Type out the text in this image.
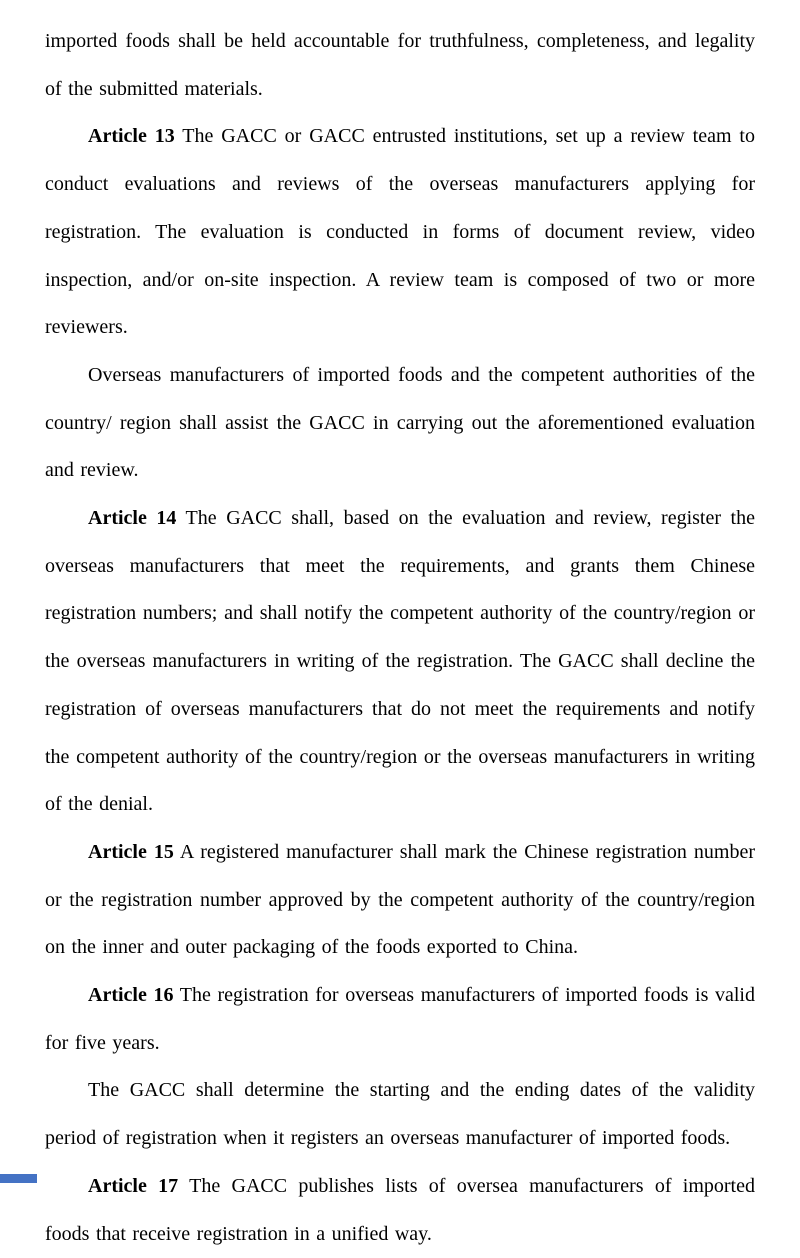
imported foods shall be held accountable for truthfulness, completeness, and legality of the submitted materials.

Article 13 The GACC or GACC entrusted institutions, set up a review team to conduct evaluations and reviews of the overseas manufacturers applying for registration. The evaluation is conducted in forms of document review, video inspection, and/or on-site inspection. A review team is composed of two or more reviewers.

Overseas manufacturers of imported foods and the competent authorities of the country/ region shall assist the GACC in carrying out the aforementioned evaluation and review.

Article 14 The GACC shall, based on the evaluation and review, register the overseas manufacturers that meet the requirements, and grants them Chinese registration numbers; and shall notify the competent authority of the country/region or the overseas manufacturers in writing of the registration. The GACC shall decline the registration of overseas manufacturers that do not meet the requirements and notify the competent authority of the country/region or the overseas manufacturers in writing of the denial.

Article 15 A registered manufacturer shall mark the Chinese registration number or the registration number approved by the competent authority of the country/region on the inner and outer packaging of the foods exported to China.

Article 16 The registration for overseas manufacturers of imported foods is valid for five years.

The GACC shall determine the starting and the ending dates of the validity period of registration when it registers an overseas manufacturer of imported foods.

Article 17 The GACC publishes lists of oversea manufacturers of imported foods that receive registration in a unified way.
